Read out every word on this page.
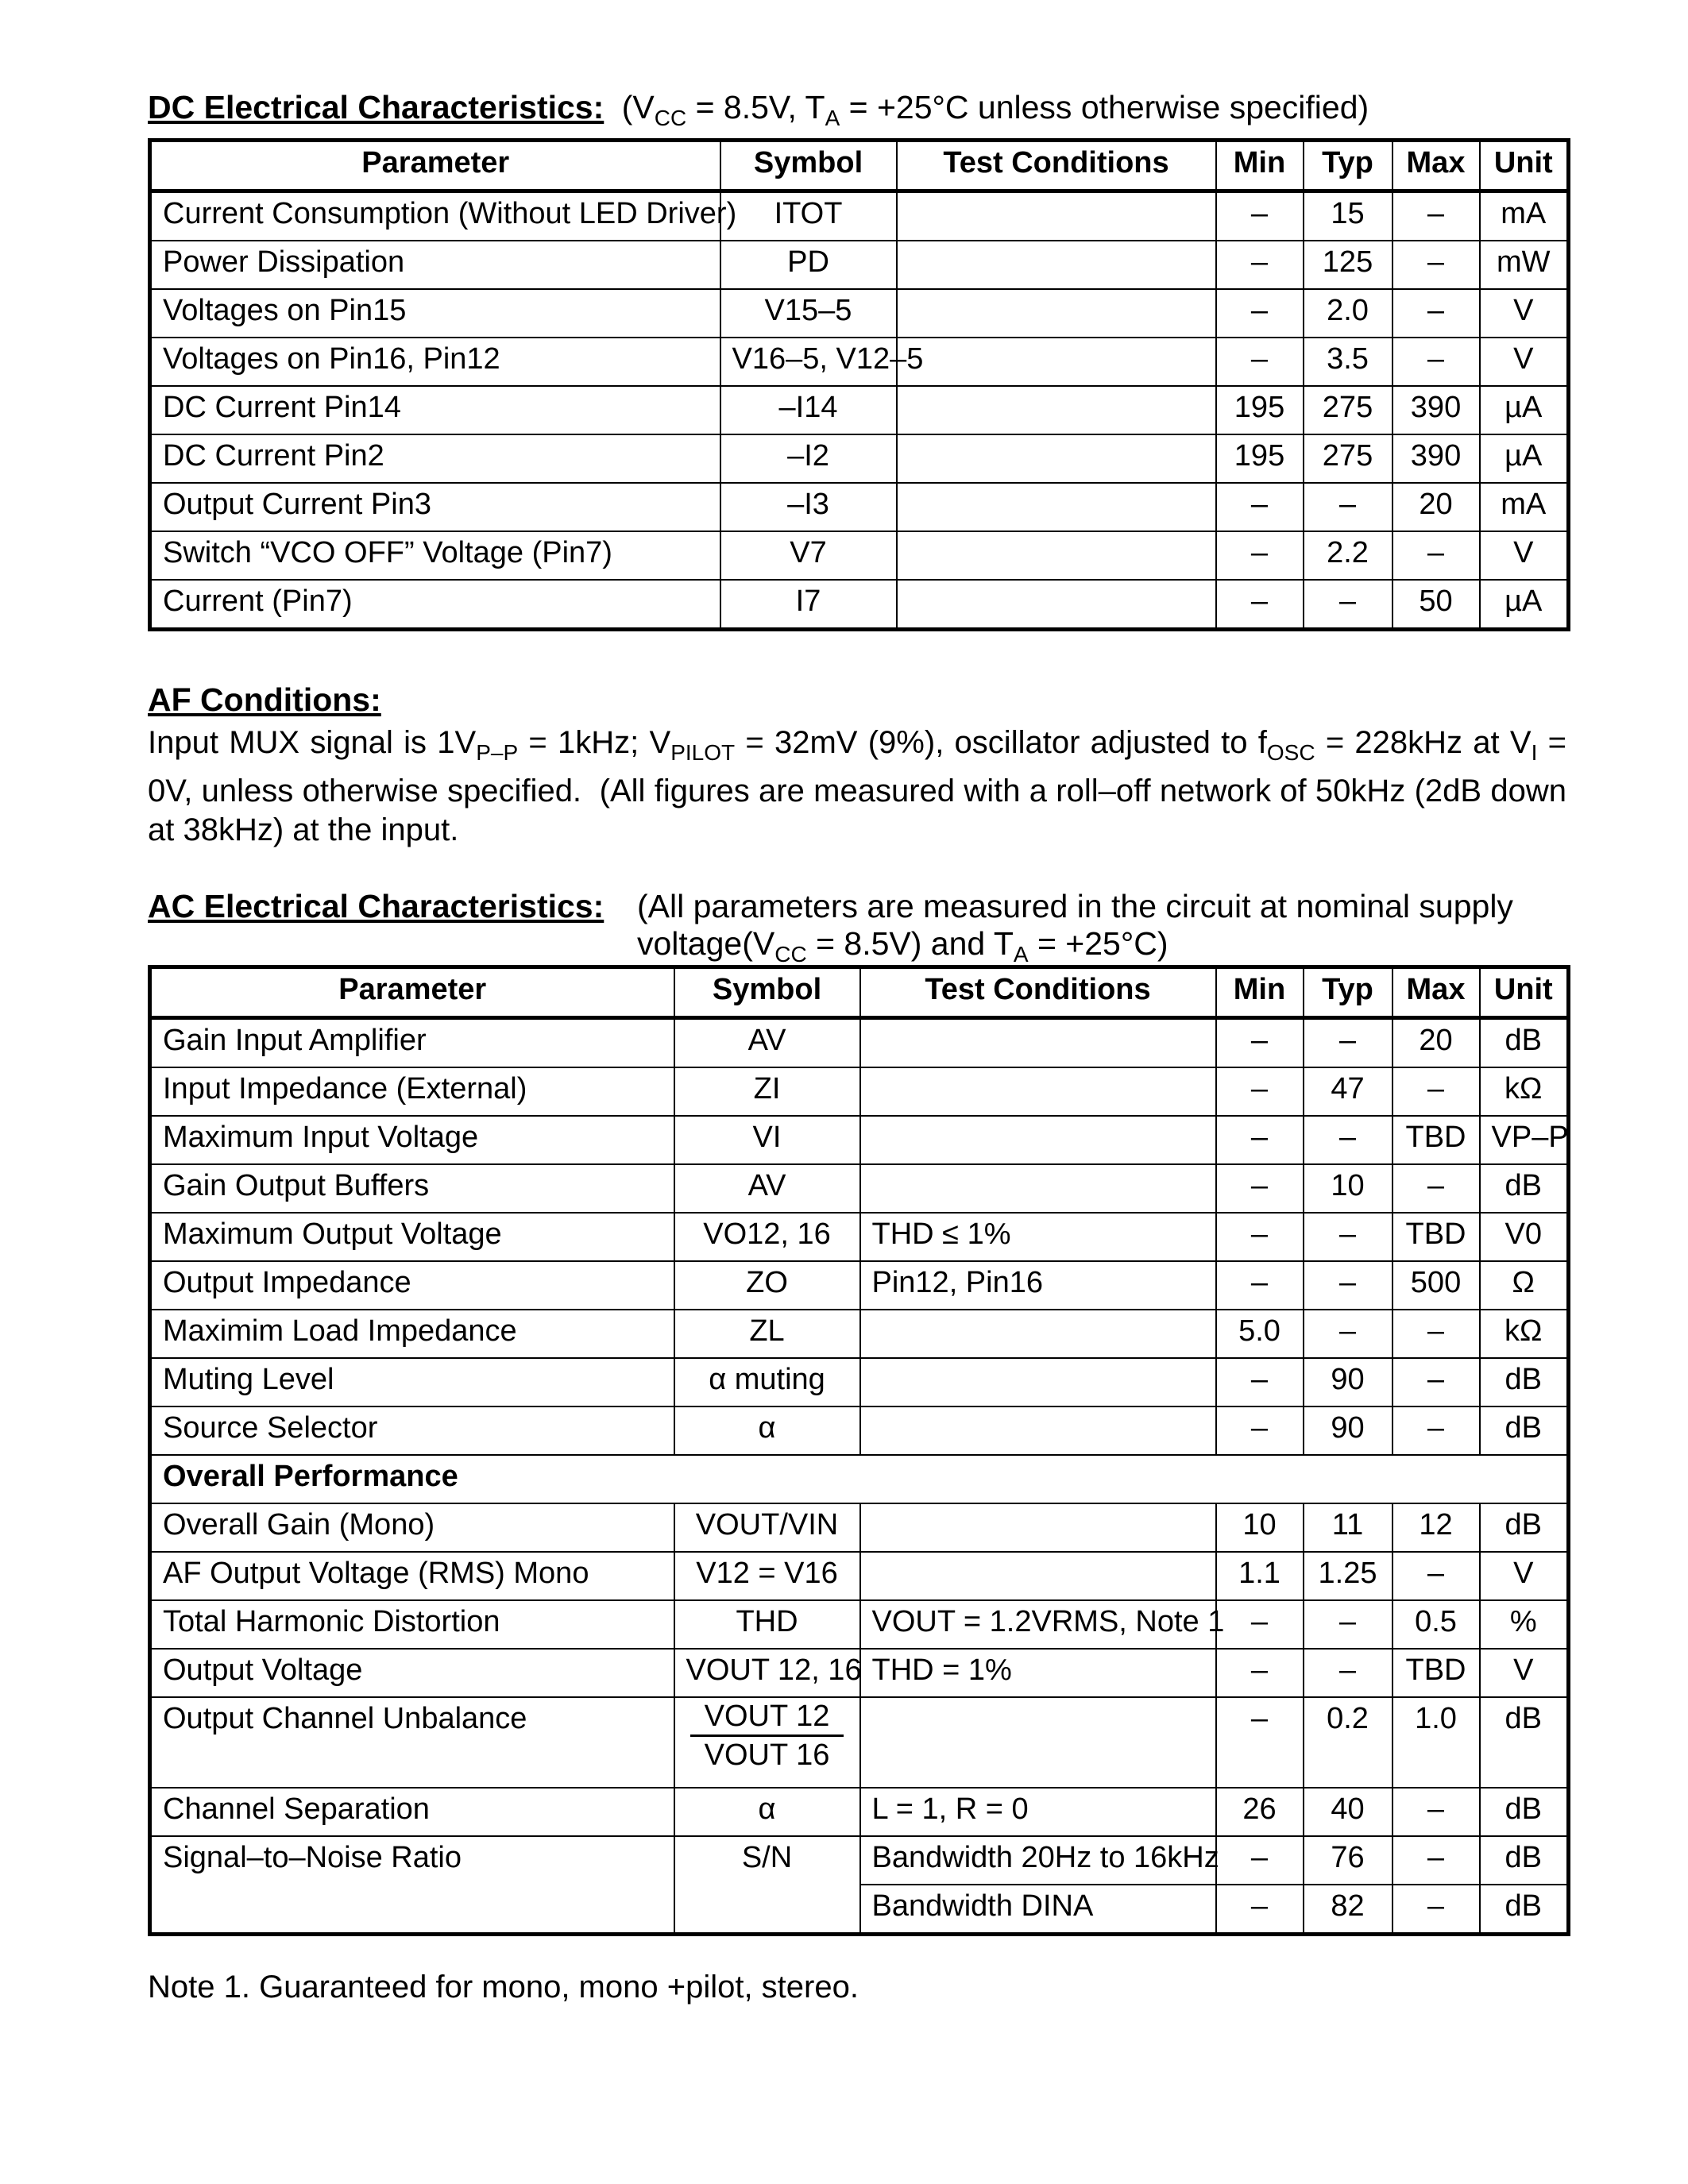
DC Electrical Characteristics: ($V_{CC} = 8.5V$, $T_A = +25^\circ C$ unless otherwise specified)
Parameter	Symbol	Test Conditions	Min	Typ	Max	Unit
Current Consumption (Without LED Driver)	ITOT		–	15	–	mA
Power Dissipation	PD		–	125	–	mW
Voltages on Pin15	V15–5		–	2.0	–	V
Voltages on Pin16, Pin12	V16–5, V12–5		–	3.5	–	V
DC Current Pin14	–I14		195	275	390	µA
DC Current Pin2	–I2		195	275	390	µA
Output Current Pin3	–I3		–	–	20	mA
Switch “VCO OFF” Voltage (Pin7)	V7		–	2.2	–	V
Current (Pin7)	I7		–	–	50	µA
AF Conditions:
Input MUX signal is $1V_{P-P} = 1kHz$; $V_{PILOT} = 32mV$ (9%), oscillator adjusted to $f_{OSC} = 228kHz$ at $V_I = 0V$, unless otherwise specified.  (All figures are measured with a roll–off network of 50kHz (2dB down at 38kHz) at the input.
AC Electrical Characteristics: (All parameters are measured in the circuit at nominal supply
$voltage(V_{CC} = 8.5V)$ and $T_A = +25^\circ C$)
Parameter	Symbol	Test Conditions	Min	Typ	Max	Unit
Gain Input Amplifier	AV		–	–	20	dB
Input Impedance (External)	ZI		–	47	–	kΩ
Maximum Input Voltage	VI		–	–	TBD	VP–P
Gain Output Buffers	AV		–	10	–	dB
Maximum Output Voltage	VO12, 16	THD ≤ 1%	–	–	TBD	V0
Output Impedance	ZO	Pin12, Pin16	–	–	500	Ω
Maximim Load Impedance	ZL		5.0	–	–	kΩ
Muting Level	α muting		–	90	–	dB
Source Selector	α		–	90	–	dB
Overall Performance						
Overall Gain (Mono)	VOUT/VIN		10	11	12	dB
AF Output Voltage (RMS) Mono	V12 = V16		1.1	1.25	–	V
Total Harmonic Distortion	THD	VOUT = 1.2VRMS, Note 1	–	–	0.5	%
Output Voltage	VOUT 12, 16	THD = 1%	–	–	TBD	V
Output Channel Unbalance	$\frac{\text{VOUT 12}}{\text{VOUT 16}}$		–	0.2	1.0	dB
Channel Separation	α	L = 1, R = 0	26	40	–	dB
Signal–to–Noise Ratio	S/N	Bandwidth 20Hz to 16kHz	–	76	–	dB
		Bandwidth DINA	–	82	–	dB
Note 1. Guaranteed for mono, mono +pilot, stereo.
